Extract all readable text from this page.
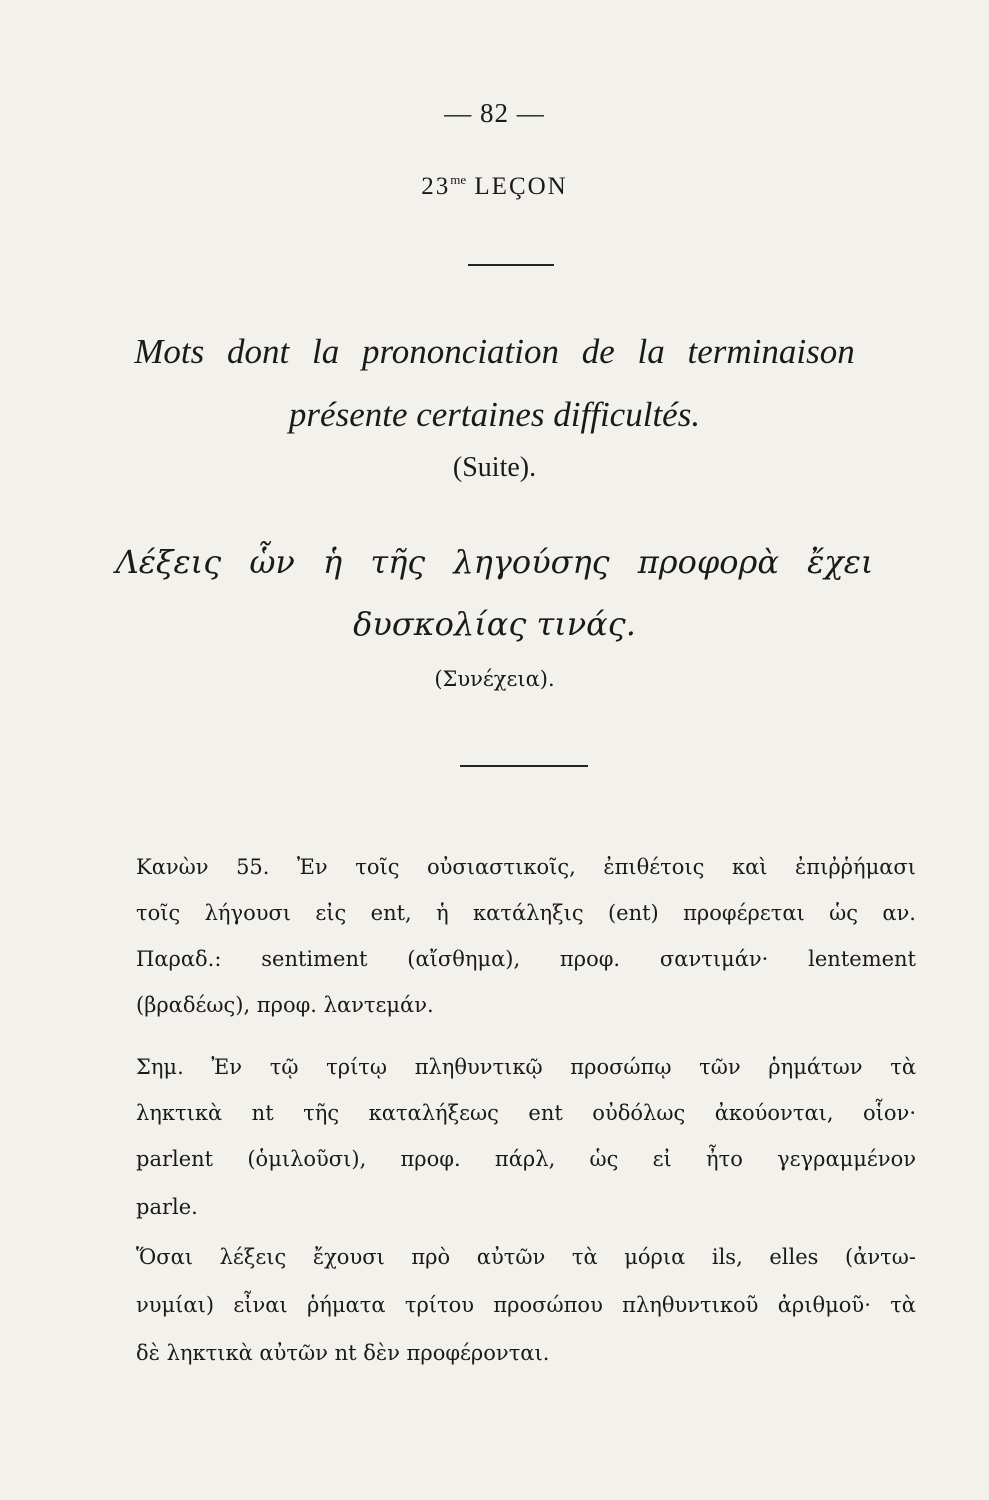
— 82 —
$23^{me}$ LEÇON
Mots dont la prononciation de la terminaison
présente certaines difficultés.
(Suite).
Λέξεις ὧν ἡ τῆς ληγούσης προφορὰ ἔχει
δυσκολίας τινάς.
(Συνέχεια).
Κανὼν 55. Ἐν τοῖς οὐσιαστικοῖς, ἐπιθέτοις καὶ ἐπιῤῥήμασι
τοῖς λήγουσι εἰς ent, ἡ κατάληξις (ent) προφέρεται ὡς αν.
Παραδ.: sentiment (αἴσθημα), προφ. σαντιμάν· lentement
(βραδέως), προφ. λαντεμάν.
Σημ. Ἐν τῷ τρίτῳ πληθυντικῷ προσώπῳ τῶν ῥημάτων τὰ
ληκτικὰ nt τῆς καταλήξεως ent οὐδόλως ἀκούονται, οἷον·
parlent (ὁμιλοῦσι), προφ. πάρλ, ὡς εἰ ἦτο γεγραμμένον
parle.
Ὅσαι λέξεις ἔχουσι πρὸ αὐτῶν τὰ μόρια ils, elles (ἀντω-
νυμίαι) εἶναι ῥήματα τρίτου προσώπου πληθυντικοῦ ἀριθμοῦ· τὰ
δὲ ληκτικὰ αὐτῶν nt δὲν προφέρονται.
